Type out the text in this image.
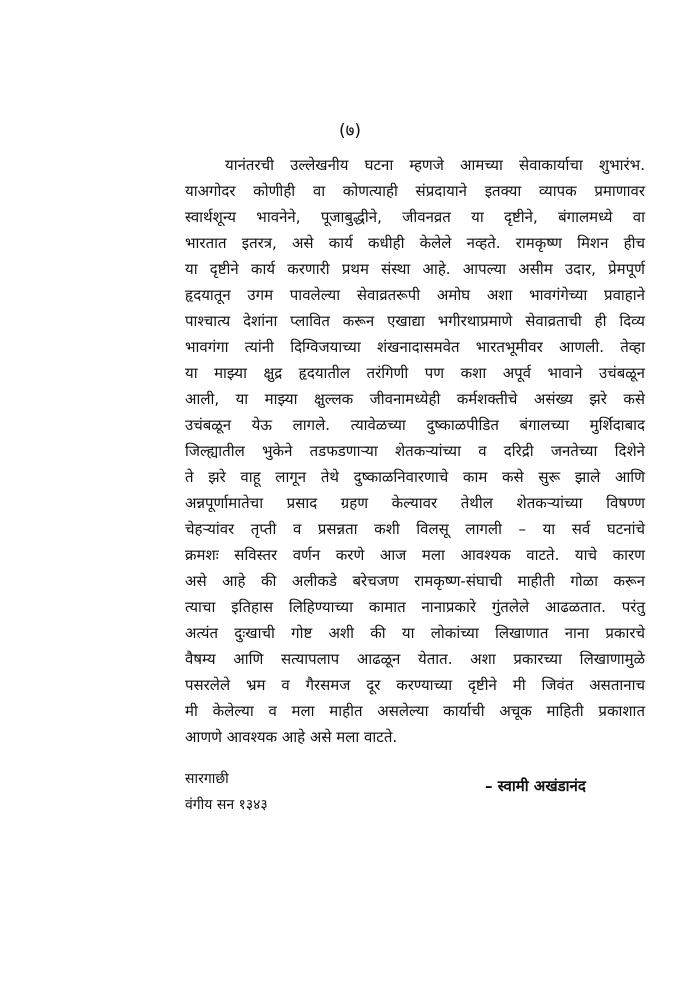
(७)
यानंतरची उल्लेखनीय घटना म्हणजे आमच्या सेवाकार्याचा शुभारंभ.
याअगोदर कोणीही वा कोणत्याही संप्रदायाने इतक्या व्यापक प्रमाणावर
स्वार्थशून्य भावनेने, पूजाबुद्धीने, जीवनव्रत या दृष्टीने, बंगालमध्ये वा
भारतात इतरत्र, असे कार्य कधीही केलेले नव्हते. रामकृष्ण मिशन हीच
या दृष्टीने कार्य करणारी प्रथम संस्था आहे. आपल्या असीम उदार, प्रेमपूर्ण
हृदयातून उगम पावलेल्या सेवाव्रतरूपी अमोघ अशा भावगंगेच्या प्रवाहाने
पाश्चात्य देशांना प्लावित करून एखाद्या भगीरथाप्रमाणे सेवाव्रताची ही दिव्य
भावगंगा त्यांनी दिग्विजयाच्या शंखनादासमवेत भारतभूमीवर आणली. तेव्हा
या माझ्या क्षुद्र हृदयातील तरंगिणी पण कशा अपूर्व भावाने उचंबळून
आली, या माझ्या क्षुल्लक जीवनामध्येही कर्मशक्तीचे असंख्य झरे कसे
उचंबळून येऊ लागले. त्यावेळच्या दुष्काळपीडित बंगालच्या मुर्शिदाबाद
जिल्ह्यातील भुकेने तडफडणाऱ्या शेतकऱ्यांच्या व दरिद्री जनतेच्या दिशेने
ते झरे वाहू लागून तेथे दुष्काळनिवारणाचे काम कसे सुरू झाले आणि
अन्नपूर्णामातेचा प्रसाद ग्रहण केल्यावर तेथील शेतकऱ्यांच्या विषण्ण
चेहऱ्यांवर तृप्ती व प्रसन्नता कशी विलसू लागली – या सर्व घटनांचे
क्रमशः सविस्तर वर्णन करणे आज मला आवश्यक वाटते. याचे कारण
असे आहे की अलीकडे बरेचजण रामकृष्ण-संघाची माहीती गोळा करून
त्याचा इतिहास लिहिण्याच्या कामात नानाप्रकारे गुंतलेले आढळतात. परंतु
अत्यंत दुःखाची गोष्ट अशी की या लोकांच्या लिखाणात नाना प्रकारचे
वैषम्य आणि सत्यापलाप आढळून येतात. अशा प्रकारच्या लिखाणामुळे
पसरलेले भ्रम व गैरसमज दूर करण्याच्या दृष्टीने मी जिवंत असतानाच
मी केलेल्या व मला माहीत असलेल्या कार्याची अचूक माहिती प्रकाशात
आणणे आवश्यक आहे असे मला वाटते.
सारगाछी
वंगीय सन १३४३
– स्वामी अखंडानंद
